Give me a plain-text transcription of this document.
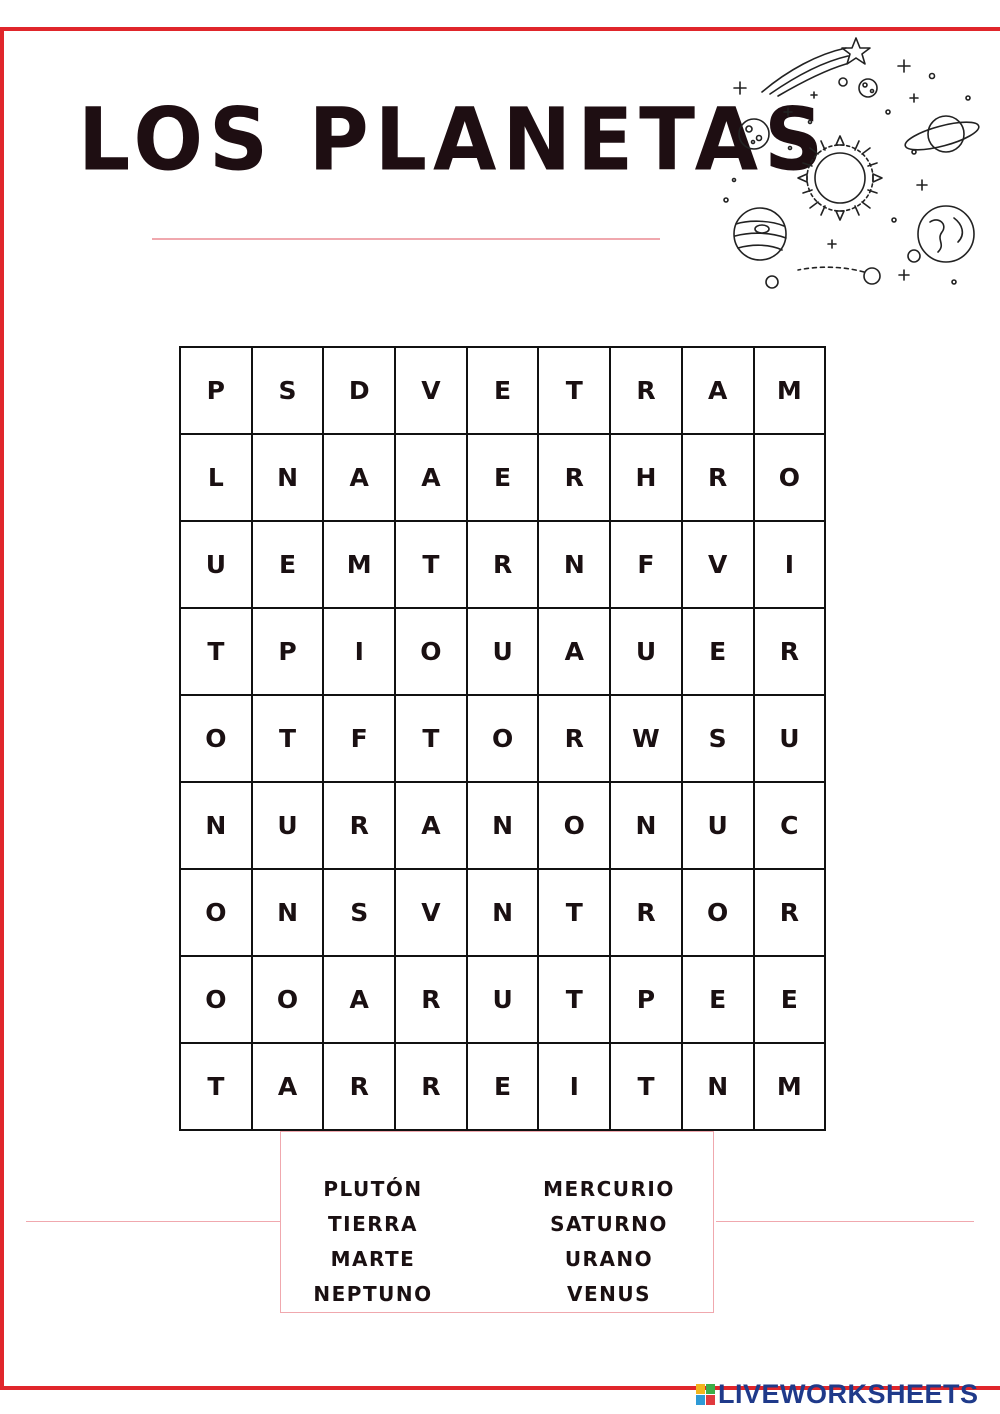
LOS PLANETAS
P	S	D	V	E	T	R	A	M
L	N	A	A	E	R	H	R	O
U	E	M	T	R	N	F	V	I
T	P	I	O	U	A	U	E	R
O	T	F	T	O	R	W	S	U
N	U	R	A	N	O	N	U	C
O	N	S	V	N	T	R	O	R
O	O	A	R	U	T	P	E	E
T	A	R	R	E	I	T	N	M
PLUTÓN
TIERRA
MARTE
NEPTUNO
MERCURIO
SATURNO
URANO
VENUS
LIVEWORKSHEETS
